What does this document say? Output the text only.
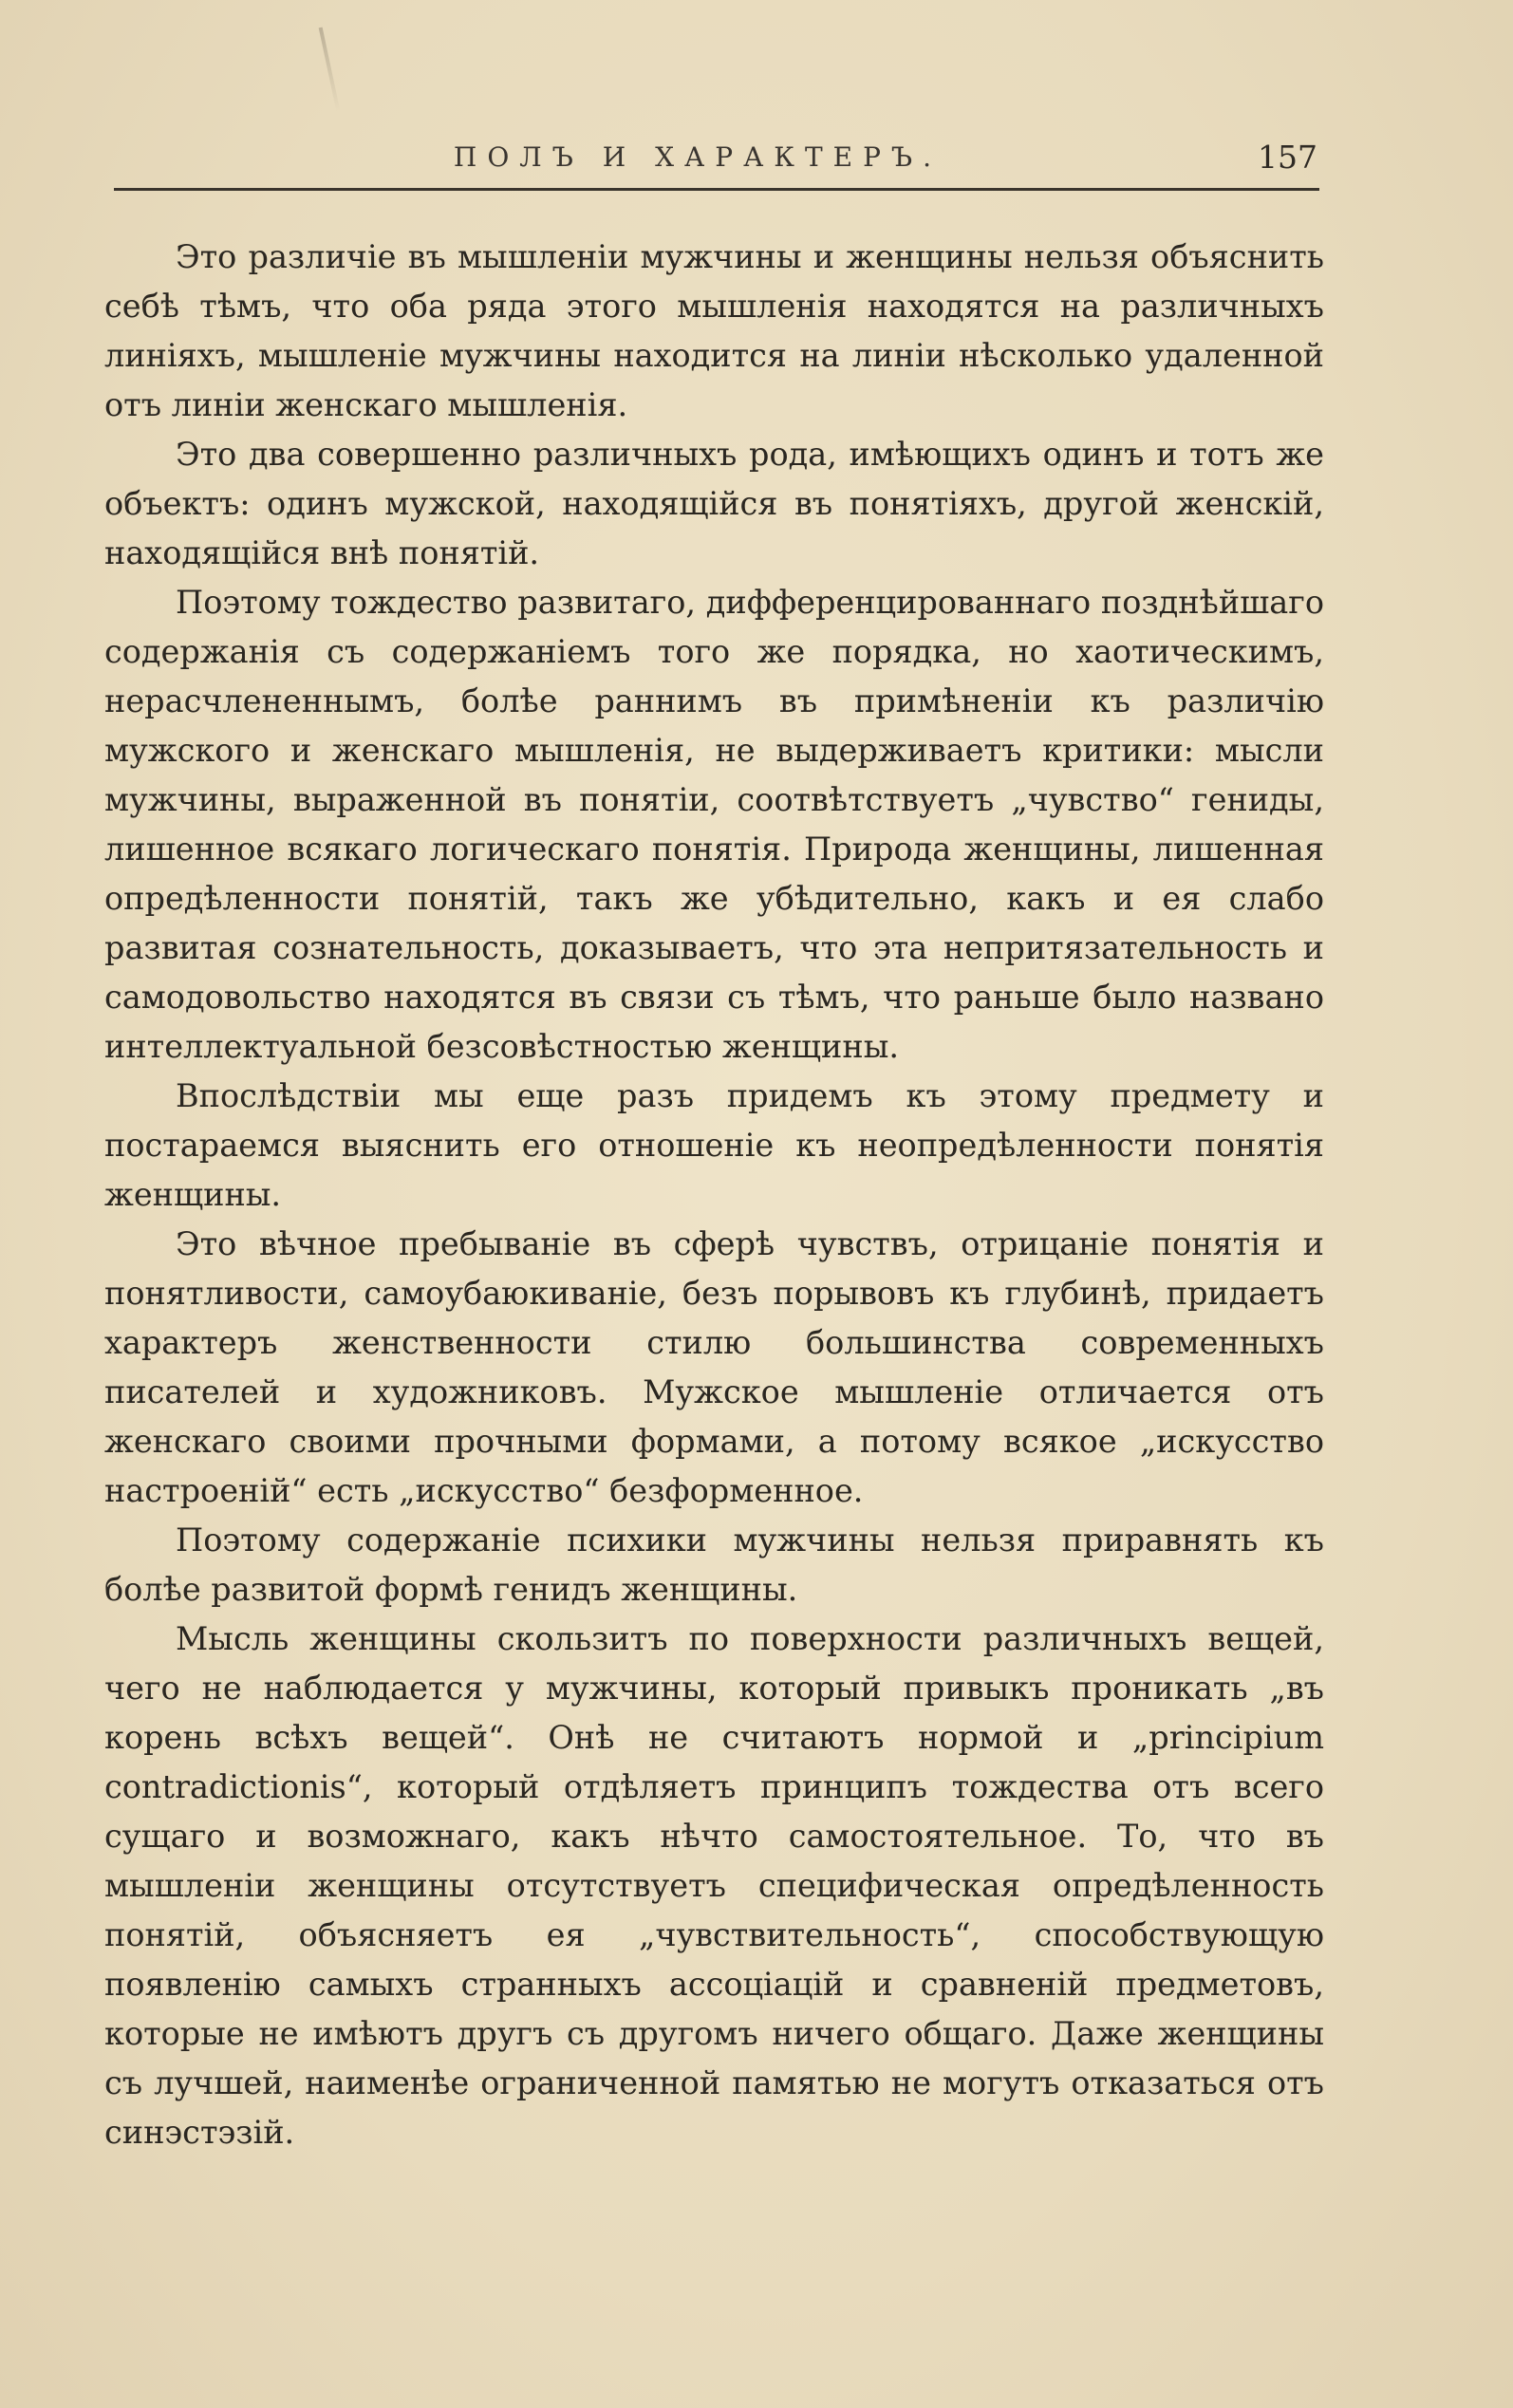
ПОЛЪ И ХАРАКТЕРЪ.	157

Это различіе въ мышленіи мужчины и женщины нельзя объяснить себѣ тѣмъ, что оба ряда этого мышленія находятся на различныхъ линіяхъ, мышленіе мужчины находится на линіи нѣсколько удаленной отъ линіи женскаго мышленія.

Это два совершенно различныхъ рода, имѣющихъ одинъ и тотъ же объектъ: одинъ мужской, находящійся въ понятіяхъ, другой женскій, находящійся внѣ понятій.

Поэтому тождество развитаго, дифференцированнаго позднѣйшаго содержанія съ содержаніемъ того же порядка, но хаотическимъ, нерасчлененнымъ, болѣе раннимъ въ примѣненіи къ различію мужского и женскаго мышленія, не выдерживаетъ критики: мысли мужчины, выраженной въ понятіи, соотвѣтствуетъ „чувство“ гениды, лишенное всякаго логическаго понятія. Природа женщины, лишенная опредѣленности понятій, такъ же убѣдительно, какъ и ея слабо развитая сознательность, доказываетъ, что эта непритязательность и самодовольство находятся въ связи съ тѣмъ, что раньше было названо интеллектуальной безсовѣстностью женщины.

Впослѣдствіи мы еще разъ придемъ къ этому предмету и постараемся выяснить его отношеніе къ неопредѣленности понятія женщины.

Это вѣчное пребываніе въ сферѣ чувствъ, отрицаніе понятія и понятливости, самоубаюкиваніе, безъ порывовъ къ глубинѣ, придаетъ характеръ женственности стилю большинства современныхъ писателей и художниковъ. Мужское мышленіе отличается отъ женскаго своими прочными формами, а потому всякое „искусство настроеній“ есть „искусство“ безформенное.

Поэтому содержаніе психики мужчины нельзя приравнять къ болѣе развитой формѣ генидъ женщины.

Мысль женщины скользитъ по поверхности различныхъ вещей, чего не наблюдается у мужчины, который привыкъ проникать „въ корень всѣхъ вещей“. Онѣ не считаютъ нормой и „principium contradictionis“, который отдѣляетъ принципъ тождества отъ всего сущаго и возможнаго, какъ нѣчто самостоятельное. То, что въ мышленіи женщины отсутствуетъ специфическая опредѣленность понятій, объясняетъ ея „чувствительность“, способствующую появленію самыхъ странныхъ ассоціацій и сравненій предметовъ, которые не имѣютъ другъ съ другомъ ничего общаго. Даже женщины съ лучшей, наименѣе ограниченной памятью не могутъ отказаться отъ синэстэзій.
